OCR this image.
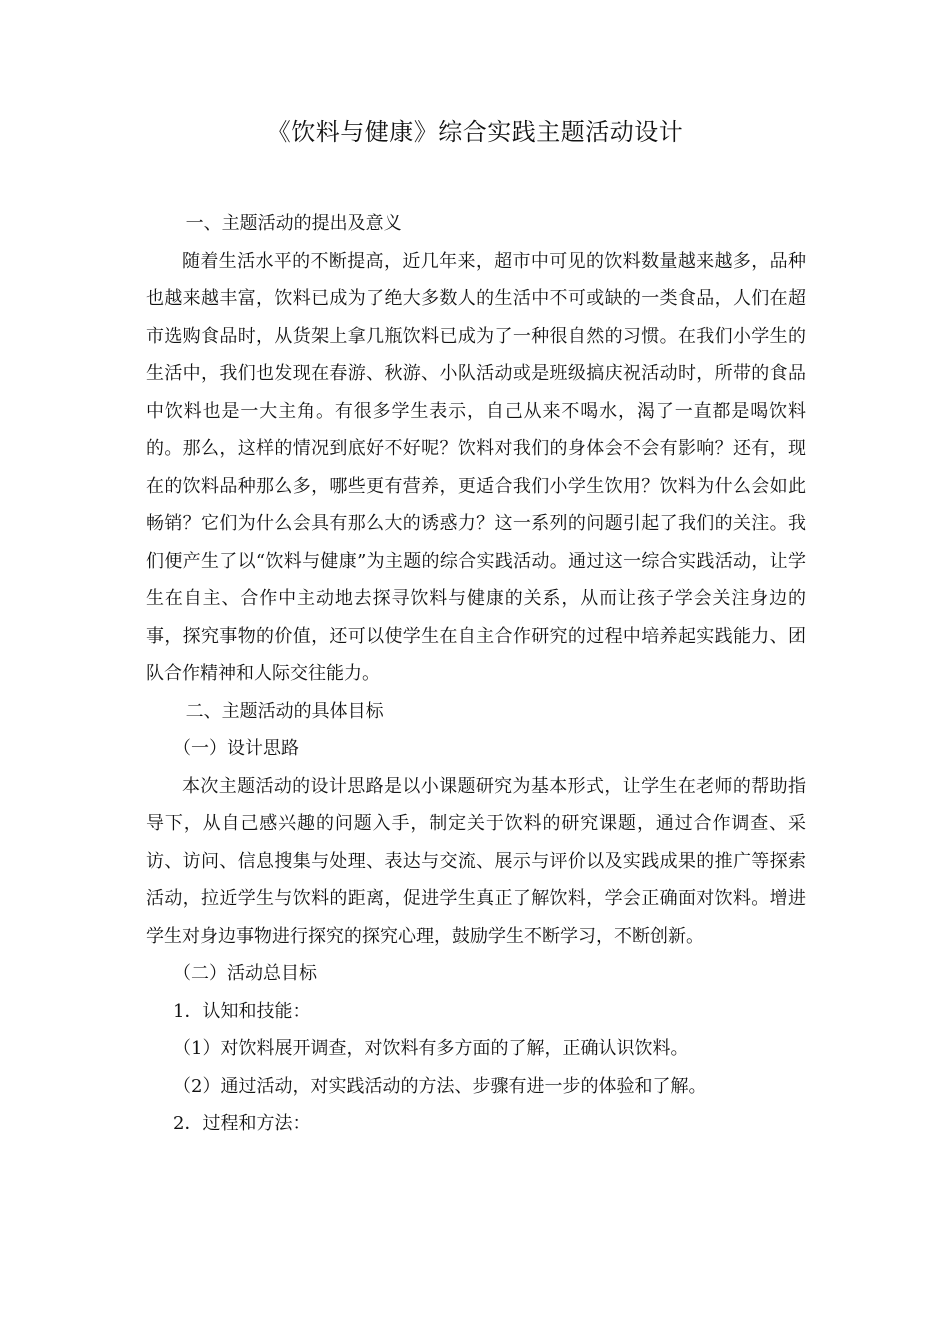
《饮料与健康》综合实践主题活动设计

一、主题活动的提出及意义

随着生活水平的不断提高，近几年来，超市中可见的饮料数量越来越多，品种也越来越丰富，饮料已成为了绝大多数人的生活中不可或缺的一类食品，人们在超市选购食品时，从货架上拿几瓶饮料已成为了一种很自然的习惯。在我们小学生的生活中，我们也发现在春游、秋游、小队活动或是班级搞庆祝活动时，所带的食品中饮料也是一大主角。有很多学生表示，自己从来不喝水，渴了一直都是喝饮料的。那么，这样的情况到底好不好呢？饮料对我们的身体会不会有影响？还有，现在的饮料品种那么多，哪些更有营养，更适合我们小学生饮用？饮料为什么会如此畅销？它们为什么会具有那么大的诱惑力？这一系列的问题引起了我们的关注。我们便产生了以“饮料与健康”为主题的综合实践活动。通过这一综合实践活动，让学生在自主、合作中主动地去探寻饮料与健康的关系，从而让孩子学会关注身边的事，探究事物的价值，还可以使学生在自主合作研究的过程中培养起实践能力、团队合作精神和人际交往能力。

二、主题活动的具体目标

（一）设计思路

本次主题活动的设计思路是以小课题研究为基本形式，让学生在老师的帮助指导下，从自己感兴趣的问题入手，制定关于饮料的研究课题，通过合作调查、采访、访问、信息搜集与处理、表达与交流、展示与评价以及实践成果的推广等探索活动，拉近学生与饮料的距离，促进学生真正了解饮料，学会正确面对饮料。增进学生对身边事物进行探究的探究心理，鼓励学生不断学习，不断创新。

（二）活动总目标

1．认知和技能：

（1）对饮料展开调查，对饮料有多方面的了解，正确认识饮料。

（2）通过活动，对实践活动的方法、步骤有进一步的体验和了解。

2．过程和方法：
